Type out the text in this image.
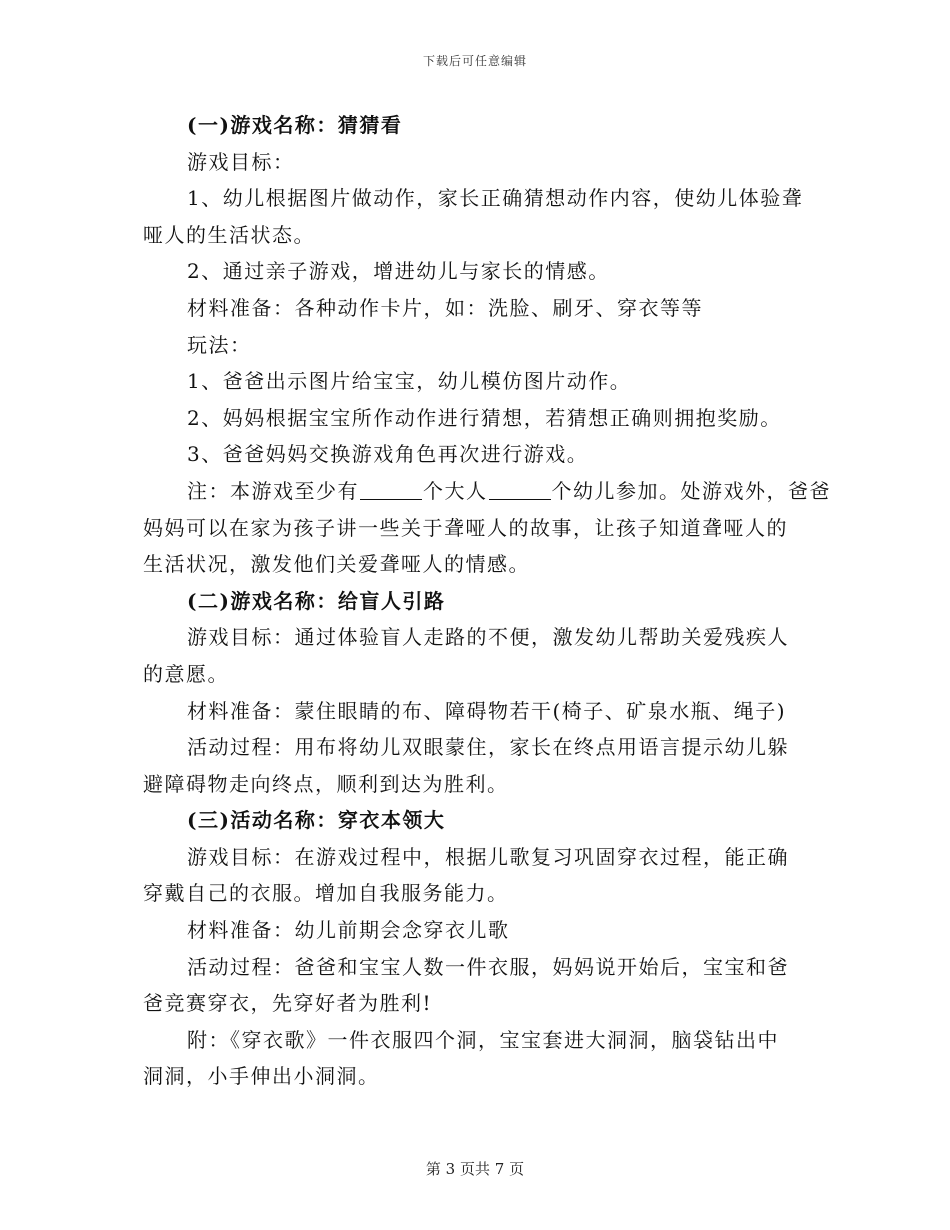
下载后可任意编辑
(一)游戏名称：猜猜看
游戏目标：
1、幼儿根据图片做动作，家长正确猜想动作内容，使幼儿体验聋
哑人的生活状态。
2、通过亲子游戏，增进幼儿与家长的情感。
材料准备：各种动作卡片，如：洗脸、刷牙、穿衣等等
玩法：
1、爸爸出示图片给宝宝，幼儿模仿图片动作。
2、妈妈根据宝宝所作动作进行猜想，若猜想正确则拥抱奖励。
3、爸爸妈妈交换游戏角色再次进行游戏。
注：本游戏至少有	个大人	个幼儿参加。处游戏外，爸爸
妈妈可以在家为孩子讲一些关于聋哑人的故事，让孩子知道聋哑人的
生活状况，激发他们关爱聋哑人的情感。
(二)游戏名称：给盲人引路
游戏目标：通过体验盲人走路的不便，激发幼儿帮助关爱残疾人
的意愿。
材料准备：蒙住眼睛的布、障碍物若干(椅子、矿泉水瓶、绳子)
活动过程：用布将幼儿双眼蒙住，家长在终点用语言提示幼儿躲
避障碍物走向终点，顺利到达为胜利。
(三)活动名称：穿衣本领大
游戏目标：在游戏过程中，根据儿歌复习巩固穿衣过程，能正确
穿戴自己的衣服。增加自我服务能力。
材料准备：幼儿前期会念穿衣儿歌
活动过程：爸爸和宝宝人数一件衣服，妈妈说开始后，宝宝和爸
爸竞赛穿衣，先穿好者为胜利!
附：《穿衣歌》一件衣服四个洞，宝宝套进大洞洞，脑袋钻出中
洞洞，小手伸出小洞洞。
第 3 页共 7 页
